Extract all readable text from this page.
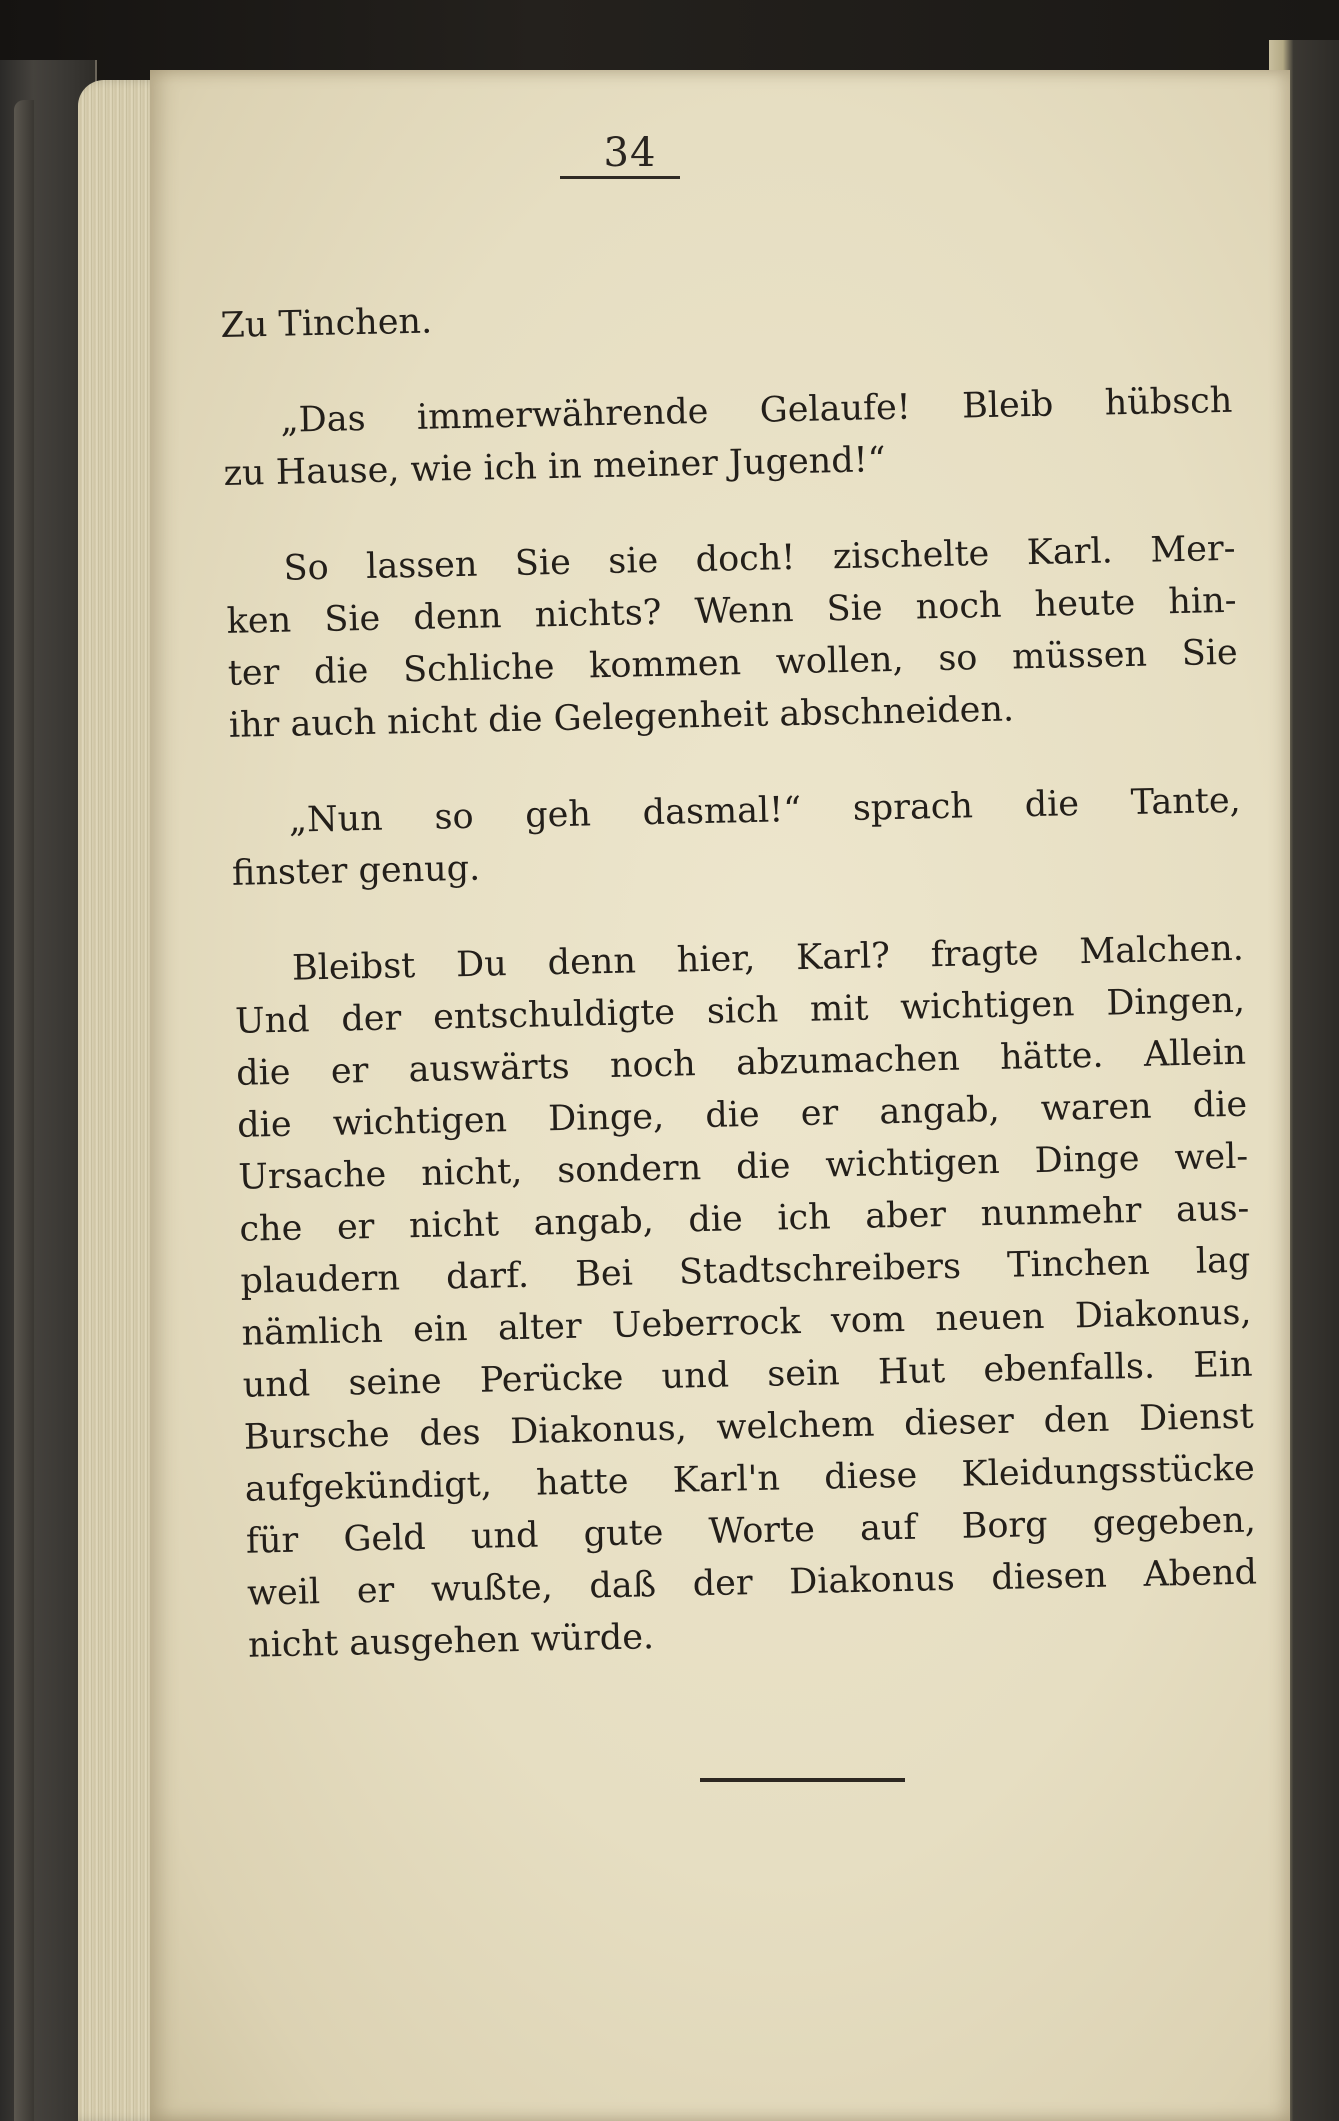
34
Zu Tinchen.
„Das immerwährende Gelaufe! Bleib hübsch
zu Hause, wie ich in meiner Jugend!“
So lassen Sie sie doch! zischelte Karl. Mer-
ken Sie denn nichts? Wenn Sie noch heute hin-
ter die Schliche kommen wollen, so müssen Sie
ihr auch nicht die Gelegenheit abschneiden.
„Nun so geh dasmal!“ sprach die Tante,
finster genug.
Bleibst Du denn hier, Karl? fragte Malchen.
Und der entschuldigte sich mit wichtigen Dingen,
die er auswärts noch abzumachen hätte. Allein
die wichtigen Dinge, die er angab, waren die
Ursache nicht, sondern die wichtigen Dinge wel-
che er nicht angab, die ich aber nunmehr aus-
plaudern darf. Bei Stadtschreibers Tinchen lag
nämlich ein alter Ueberrock vom neuen Diakonus,
und seine Perücke und sein Hut ebenfalls. Ein
Bursche des Diakonus, welchem dieser den Dienst
aufgekündigt, hatte Karl'n diese Kleidungsstücke
für Geld und gute Worte auf Borg gegeben,
weil er wußte, daß der Diakonus diesen Abend
nicht ausgehen würde.
